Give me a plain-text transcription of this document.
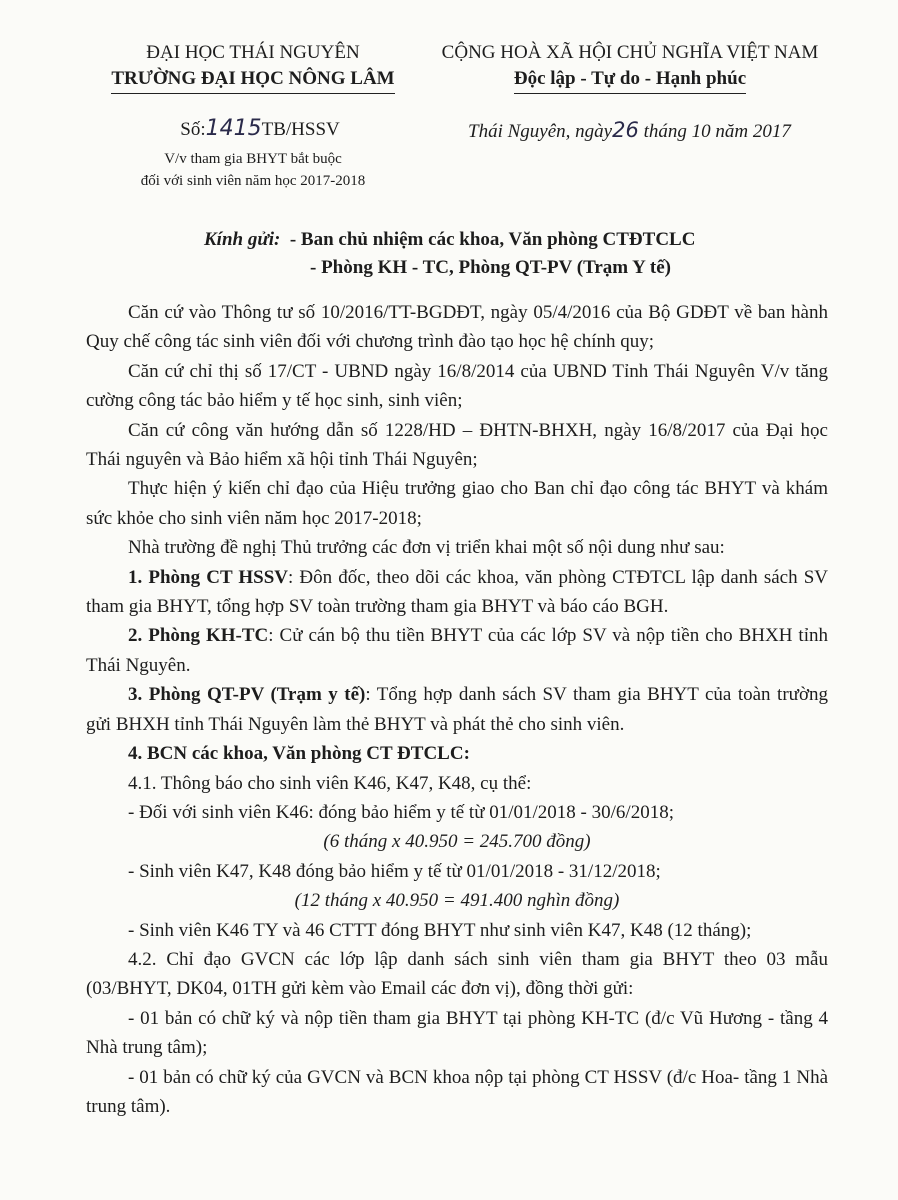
ĐẠI HỌC THÁI NGUYÊN
TRƯỜNG ĐẠI HỌC NÔNG LÂM
CỘNG HOÀ XÃ HỘI CHỦ NGHĨA VIỆT NAM
Độc lập - Tự do - Hạnh phúc
Số:1415TB/HSSV
V/v tham gia BHYT bắt buộc
đối với sinh viên năm học 2017-2018
Thái Nguyên, ngày26 tháng 10 năm 2017
Kính gửi: - Ban chủ nhiệm các khoa, Văn phòng CTĐTCLC
- Phòng KH - TC, Phòng QT-PV (Trạm Y tế)

Căn cứ vào Thông tư số 10/2016/TT-BGDĐT, ngày 05/4/2016 của Bộ GDĐT về ban hành Quy chế công tác sinh viên đối với chương trình đào tạo học hệ chính quy;

Căn cứ chỉ thị số 17/CT - UBND ngày 16/8/2014 của UBND Tỉnh Thái Nguyên V/v tăng cường công tác bảo hiểm y tế học sinh, sinh viên;

Căn cứ công văn hướng dẫn số 1228/HD – ĐHTN-BHXH, ngày 16/8/2017 của Đại học Thái nguyên và Bảo hiểm xã hội tỉnh Thái Nguyên;

Thực hiện ý kiến chỉ đạo của Hiệu trưởng giao cho Ban chỉ đạo công tác BHYT và khám sức khỏe cho sinh viên năm học 2017-2018;

Nhà trường đề nghị Thủ trưởng các đơn vị triển khai một số nội dung như sau:

1. Phòng CT HSSV: Đôn đốc, theo dõi các khoa, văn phòng CTĐTCL lập danh sách SV tham gia BHYT, tổng hợp SV toàn trường tham gia BHYT và báo cáo BGH.

2. Phòng KH-TC: Cử cán bộ thu tiền BHYT của các lớp SV và nộp tiền cho BHXH tỉnh Thái Nguyên.

3. Phòng QT-PV (Trạm y tế): Tổng hợp danh sách SV tham gia BHYT của toàn trường gửi BHXH tỉnh Thái Nguyên làm thẻ BHYT và phát thẻ cho sinh viên.

4. BCN các khoa, Văn phòng CT ĐTCLC:

4.1. Thông báo cho sinh viên K46, K47, K48, cụ thể:

- Đối với sinh viên K46: đóng bảo hiểm y tế từ 01/01/2018 - 30/6/2018;

(6 tháng x 40.950 = 245.700 đồng)

- Sinh viên K47, K48 đóng bảo hiểm y tế từ 01/01/2018 - 31/12/2018;

(12 tháng x 40.950 = 491.400 nghìn đồng)

- Sinh viên K46 TY và 46 CTTT đóng BHYT như sinh viên K47, K48 (12 tháng);

4.2. Chỉ đạo GVCN các lớp lập danh sách sinh viên tham gia BHYT theo 03 mẫu (03/BHYT, DK04, 01TH gửi kèm vào Email các đơn vị), đồng thời gửi:

- 01 bản có chữ ký và nộp tiền tham gia BHYT tại phòng KH-TC (đ/c Vũ Hương - tầng 4 Nhà trung tâm);

- 01 bản có chữ ký của GVCN và BCN khoa nộp tại phòng CT HSSV (đ/c Hoa- tầng 1 Nhà trung tâm).
